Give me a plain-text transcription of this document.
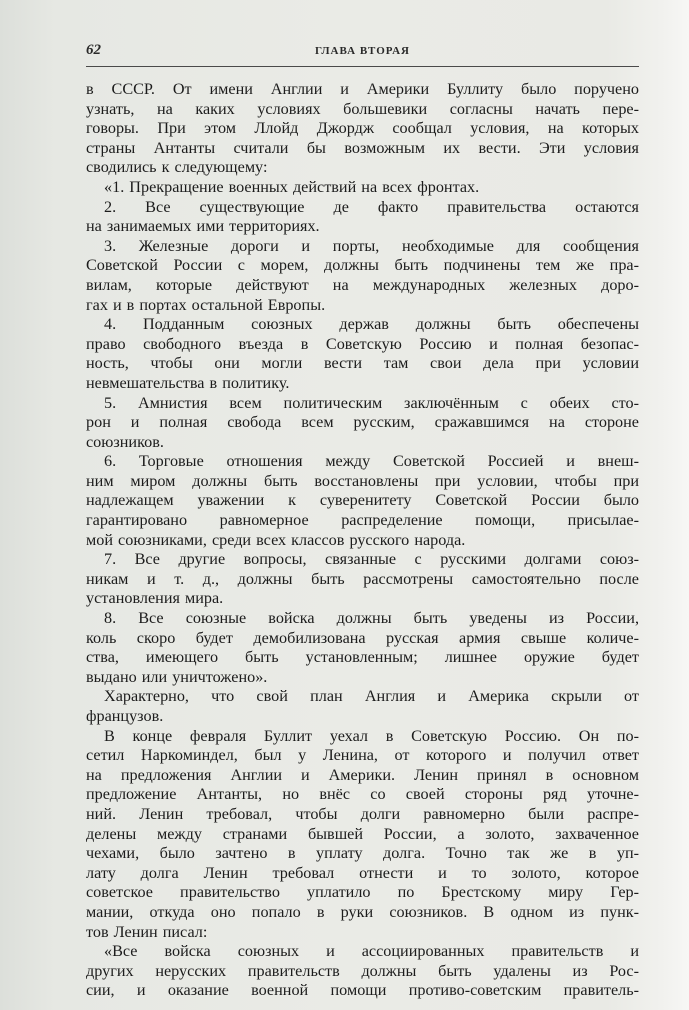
62	ГЛАВА ВТОРАЯ

в СССР. От имени Англии и Америки Буллиту было поручено
узнать, на каких условиях большевики согласны начать пере-
говоры. При этом Ллойд Джордж сообщал условия, на которых
страны Антанты считали бы возможным их вести. Эти условия
сводились к следующему:

«1. Прекращение военных действий на всех фронтах.

2. Все существующие де факто правительства остаются
на занимаемых ими территориях.

3. Железные дороги и порты, необходимые для сообщения
Советской России с морем, должны быть подчинены тем же пра-
вилам, которые действуют на международных железных доро-
гах и в портах остальной Европы.

4. Подданным союзных держав должны быть обеспечены
право свободного въезда в Советскую Россию и полная безопас-
ность, чтобы они могли вести там свои дела при условии
невмешательства в политику.

5. Амнистия всем политическим заключённым с обеих сто-
рон и полная свобода всем русским, сражавшимся на стороне
союзников.

6. Торговые отношения между Советской Россией и внеш-
ним миром должны быть восстановлены при условии, чтобы при
надлежащем уважении к суверенитету Советской России было
гарантировано равномерное распределение помощи, присылае-
мой союзниками, среди всех классов русского народа.

7. Все другие вопросы, связанные с русскими долгами союз-
никам и т. д., должны быть рассмотрены самостоятельно после
установления мира.

8. Все союзные войска должны быть уведены из России,
коль скоро будет демобилизована русская армия свыше количе-
ства, имеющего быть установленным; лишнее оружие будет
выдано или уничтожено».

Характерно, что свой план Англия и Америка скрыли от
французов.

В конце февраля Буллит уехал в Советскую Россию. Он по-
сетил Наркоминдел, был у Ленина, от которого и получил ответ
на предложения Англии и Америки. Ленин принял в основном
предложение Антанты, но внёс со своей стороны ряд уточне-
ний. Ленин требовал, чтобы долги равномерно были распре-
делены между странами бывшей России, а золото, захваченное
чехами, было зачтено в уплату долга. Точно так же в уп-
лату долга Ленин требовал отнести и то золото, которое
советское правительство уплатило по Брестскому миру Гер-
мании, откуда оно попало в руки союзников. В одном из пунк-
тов Ленин писал:

«Все войска союзных и ассоциированных правительств и
других нерусских правительств должны быть удалены из Рос-
сии, и оказание военной помощи противо-советским правитель-
